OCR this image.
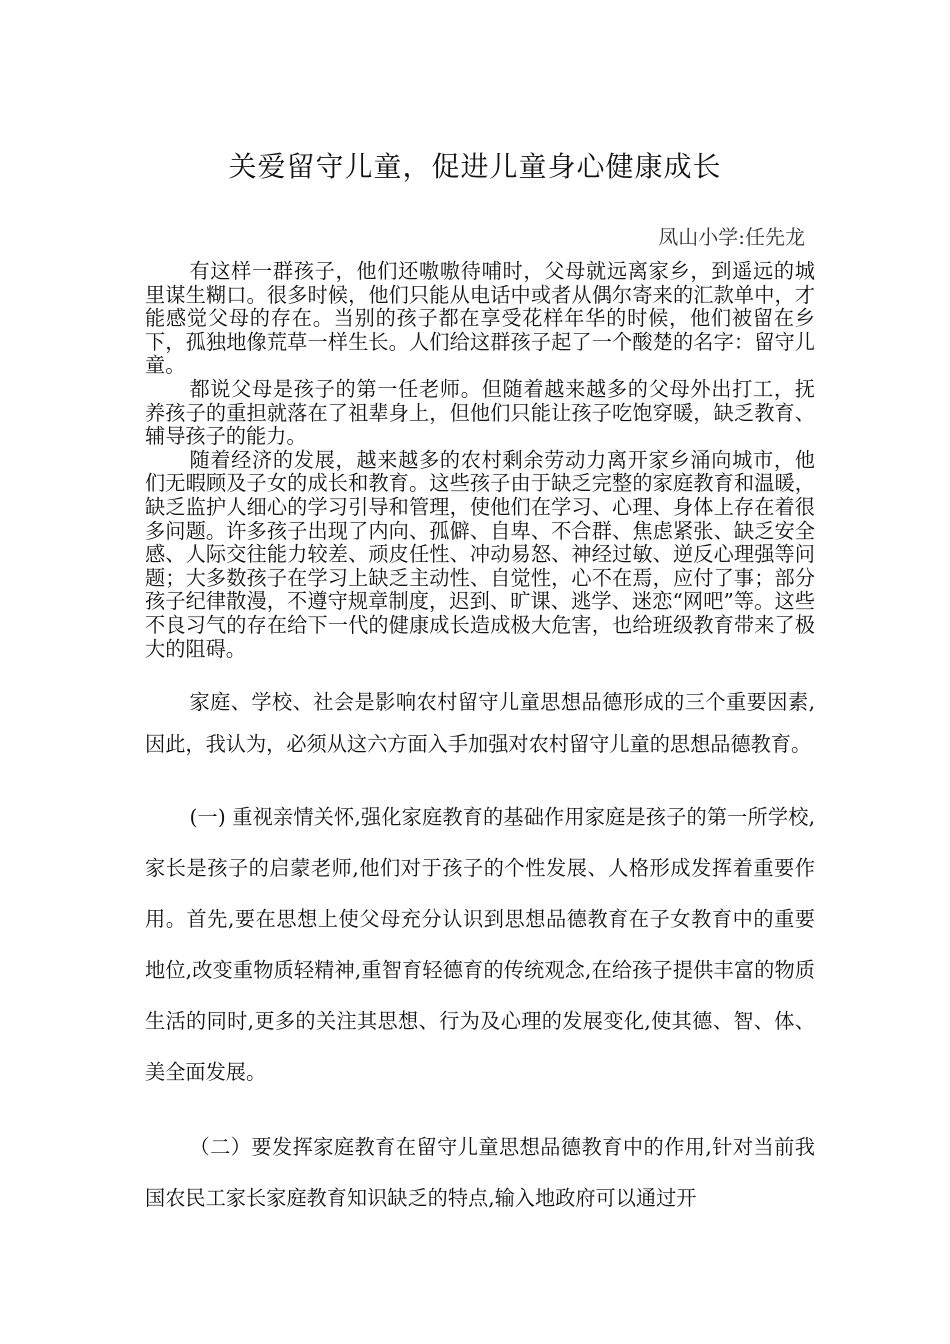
关爱留守儿童，促进儿童身心健康成长
凤山小学:任先龙

有这样一群孩子，他们还嗷嗷待哺时，父母就远离家乡，到遥远的城里谋生糊口。很多时候，他们只能从电话中或者从偶尔寄来的汇款单中，才能感觉父母的存在。当别的孩子都在享受花样年华的时候，他们被留在乡下，孤独地像荒草一样生长。人们给这群孩子起了一个酸楚的名字：留守儿童。

都说父母是孩子的第一任老师。但随着越来越多的父母外出打工，抚养孩子的重担就落在了祖辈身上，但他们只能让孩子吃饱穿暖，缺乏教育、辅导孩子的能力。

随着经济的发展，越来越多的农村剩余劳动力离开家乡涌向城市，他们无暇顾及子女的成长和教育。这些孩子由于缺乏完整的家庭教育和温暖，缺乏监护人细心的学习引导和管理，使他们在学习、心理、身体上存在着很多问题。许多孩子出现了内向、孤僻、自卑、不合群、焦虑紧张、缺乏安全感、人际交往能力较差、顽皮任性、冲动易怒、神经过敏、逆反心理强等问题；大多数孩子在学习上缺乏主动性、自觉性，心不在焉，应付了事；部分孩子纪律散漫，不遵守规章制度，迟到、旷课、逃学、迷恋“网吧”等。这些不良习气的存在给下一代的健康成长造成极大危害，也给班级教育带来了极大的阻碍。

家庭、学校、社会是影响农村留守儿童思想品德形成的三个重要因素,因此，我认为，必须从这六方面入手加强对农村留守儿童的思想品德教育。

(一) 重视亲情关怀,强化家庭教育的基础作用家庭是孩子的第一所学校,家长是孩子的启蒙老师,他们对于孩子的个性发展、人格形成发挥着重要作用。首先,要在思想上使父母充分认识到思想品德教育在子女教育中的重要地位,改变重物质轻精神,重智育轻德育的传统观念,在给孩子提供丰富的物质生活的同时,更多的关注其思想、行为及心理的发展变化,使其德、智、体、美全面发展。

（二）要发挥家庭教育在留守儿童思想品德教育中的作用,针对当前我国农民工家长家庭教育知识缺乏的特点,输入地政府可以通过开
